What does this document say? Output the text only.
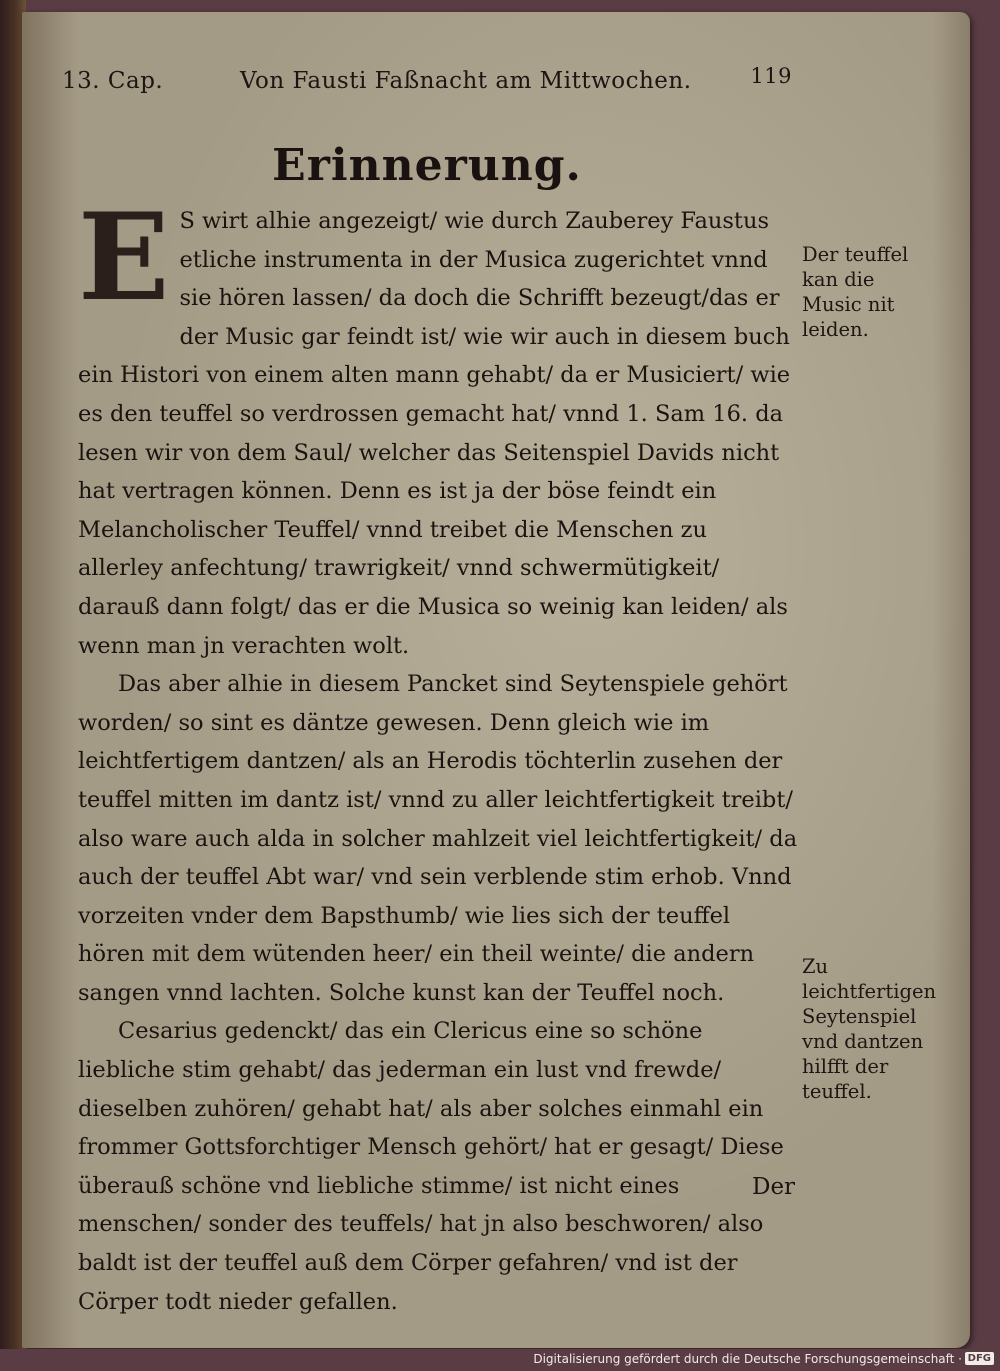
13. Cap.	Von Fausti Faßnacht am Mittwochen.	119
Erinnerung.

E S wirt alhie angezeigt/ wie durch Zauberey Faustus etliche instrumenta in der Musica zugerichtet vnnd sie hören lassen/ da doch die Schrifft bezeugt/das er der Music gar feindt ist/ wie wir auch in diesem buch ein Histori von einem alten mann gehabt/ da er Musiciert/ wie es den teuffel so verdrossen gemacht hat/ vnnd 1. Sam 16. da lesen wir von dem Saul/ welcher das Seitenspiel Davids nicht hat vertragen können. Denn es ist ja der böse feindt ein Melancholischer Teuffel/ vnnd treibet die Menschen zu allerley anfechtung/ trawrigkeit/ vnnd schwermütigkeit/ darauß dann folgt/ das er die Musica so weinig kan leiden/ als wenn man jn verachten wolt.

Das aber alhie in diesem Pancket sind Seytenspiele gehört worden/ so sint es däntze gewesen. Denn gleich wie im leichtfertigem dantzen/ als an Herodis töchterlin zusehen der teuffel mitten im dantz ist/ vnnd zu aller leichtfertigkeit treibt/ also ware auch alda in solcher mahlzeit viel leichtfertigkeit/ da auch der teuffel Abt war/ vnd sein verblende stim erhob. Vnnd vorzeiten vnder dem Bapsthumb/ wie lies sich der teuffel hören mit dem wütenden heer/ ein theil weinte/ die andern sangen vnnd lachten. Solche kunst kan der Teuffel noch.

Cesarius gedenckt/ das ein Clericus eine so schöne liebliche stim gehabt/ das jederman ein lust vnd frewde/ dieselben zuhören/ gehabt hat/ als aber solches einmahl ein frommer Gottsforchtiger Mensch gehört/ hat er gesagt/ Diese überauß schöne vnd liebliche stimme/ ist nicht eines menschen/ sonder des teuffels/ hat jn also beschworen/ also baldt ist der teuffel auß dem Cörper gefahren/ vnd ist der Cörper todt nieder gefallen.

Der teuffel kan die Music nit leiden.

Zu leichtfertigen Seytenspiel vnd dantzen hilfft der teuffel.

Der
Digitalisierung gefördert durch die Deutsche Forschungsgemeinschaft · DFG
